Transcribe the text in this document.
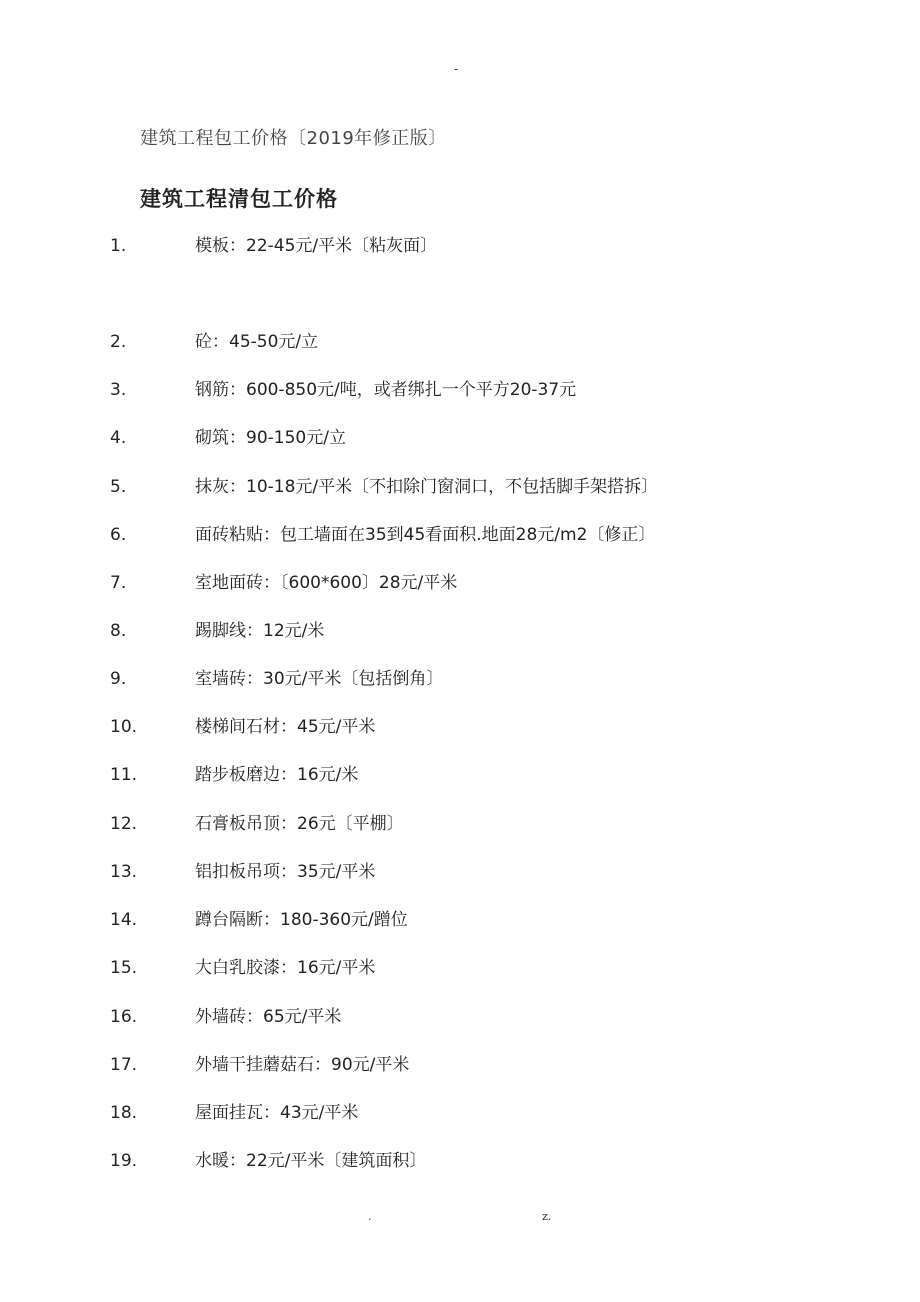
-
建筑工程包工价格〔2019年修正版〕
建筑工程清包工价格
1.	模板：22-45元/平米〔粘灰面〕
2.	砼：45-50元/立
3.	钢筋：600-850元/吨，或者绑扎一个平方20-37元
4.	砌筑：90-150元/立
5.	抹灰：10-18元/平米〔不扣除门窗洞口，不包括脚手架搭拆〕
6.	面砖粘贴：包工墙面在35到45看面积.地面28元/m2〔修正〕
7.	室地面砖：〔600*600〕28元/平米
8.	踢脚线：12元/米
9.	室墙砖：30元/平米〔包括倒角〕
10.	楼梯间石材：45元/平米
11.	踏步板磨边：16元/米
12.	石膏板吊顶：26元〔平棚〕
13.	铝扣板吊项：35元/平米
14.	蹲台隔断：180-360元/蹭位
15.	大白乳胶漆：16元/平米
16.	外墙砖：65元/平米
17.	外墙干挂蘑菇石：90元/平米
18.	屋面挂瓦：43元/平米
19.	水暖：22元/平米〔建筑面积〕
.	z.
